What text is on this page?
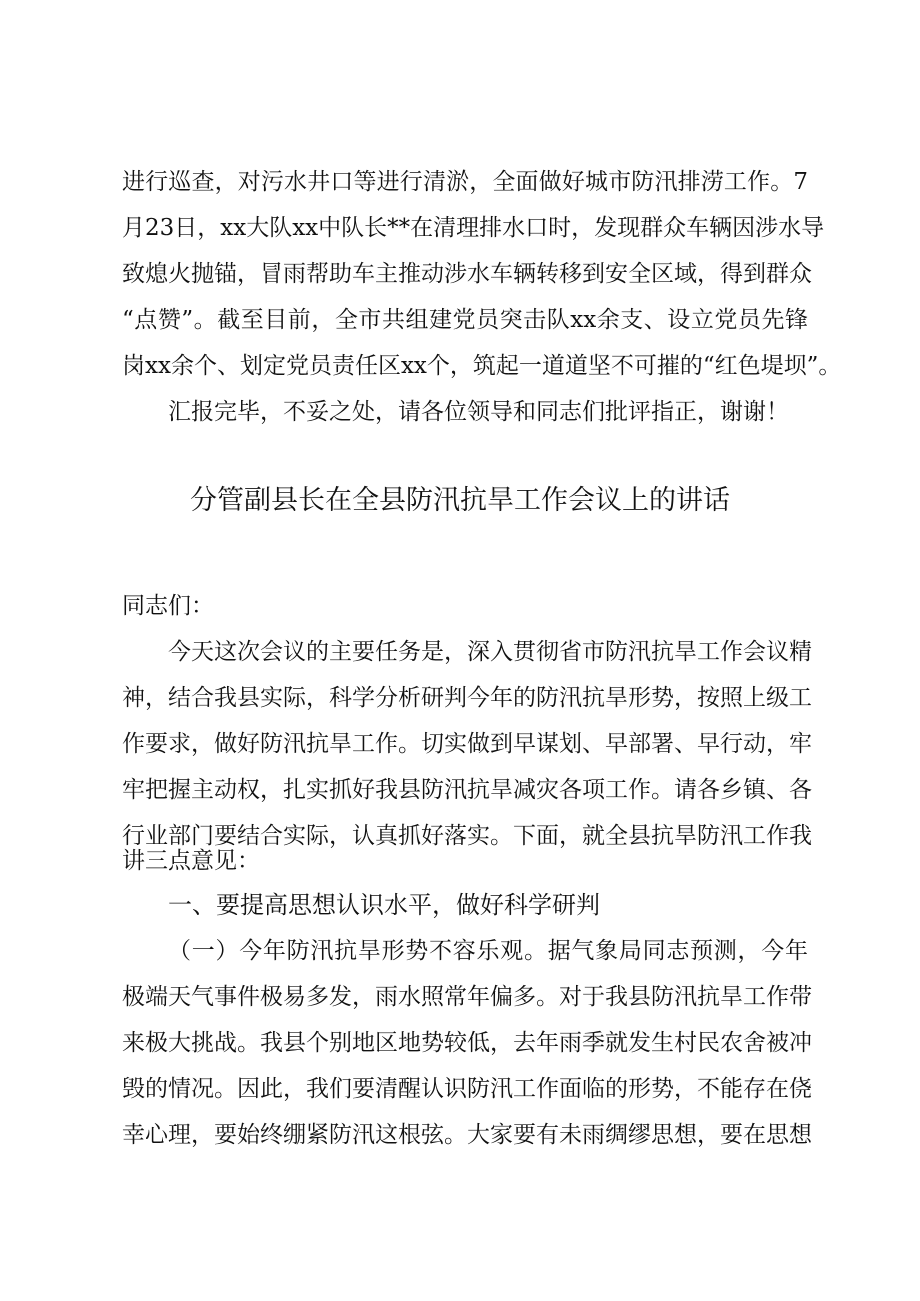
进行巡查，对污水井口等进行清淤，全面做好城市防汛排涝工作。7
月23日，xx大队xx中队长**在清理排水口时，发现群众车辆因涉水导
致熄火抛锚，冒雨帮助车主推动涉水车辆转移到安全区域，得到群众
“点赞”。截至目前，全市共组建党员突击队xx余支、设立党员先锋
岗xx余个、划定党员责任区xx个，筑起一道道坚不可摧的“红色堤坝”。
汇报完毕，不妥之处，请各位领导和同志们批评指正，谢谢！
分管副县长在全县防汛抗旱工作会议上的讲话
同志们：
今天这次会议的主要任务是，深入贯彻省市防汛抗旱工作会议精
神，结合我县实际，科学分析研判今年的防汛抗旱形势，按照上级工
作要求，做好防汛抗旱工作。切实做到早谋划、早部署、早行动，牢
牢把握主动权，扎实抓好我县防汛抗旱减灾各项工作。请各乡镇、各
行业部门要结合实际，认真抓好落实。下面，就全县抗旱防汛工作我
讲三点意见：
一、要提高思想认识水平，做好科学研判
（一）今年防汛抗旱形势不容乐观。据气象局同志预测，今年
极端天气事件极易多发，雨水照常年偏多。对于我县防汛抗旱工作带
来极大挑战。我县个别地区地势较低，去年雨季就发生村民农舍被冲
毁的情况。因此，我们要清醒认识防汛工作面临的形势，不能存在侥
幸心理，要始终绷紧防汛这根弦。大家要有未雨绸缪思想，要在思想
